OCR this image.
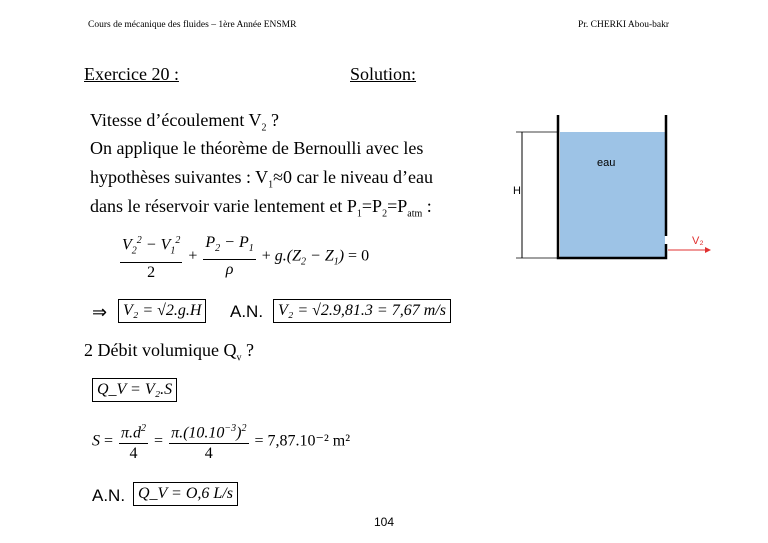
Cours de mécanique des fluides – 1ère Année ENSMR	Pr. CHERKI Abou-bakr
Exercice 20 :	Solution:
Vitesse d’écoulement $V_2$ ?
On applique le théorème de Bernoulli avec les
hypothèses suivantes : $V_1\approx 0$ car le niveau d’eau
dans le réservoir varie lentement et $P_1=P_2=P_{atm}$ :
$\frac{V_2^2 - V_1^2}{2} + \frac{P_2 - P_1}{\rho} + g.(Z_2 - Z_1) = 0$
⇒ V₂ = √2.g.H A.N. V₂ = √2.9,81.3 = 7,67 m/s
2 Débit volumique $Q_v$ ?
Q_V = V₂.S
$S = \frac{\pi.d^2}{4} = \frac{\pi.(10.10^{-3})^2}{4} = 7,87.10^{-2}$ m²
A.N. Q_V = O,6 L/s
104
H
eau
V₂
